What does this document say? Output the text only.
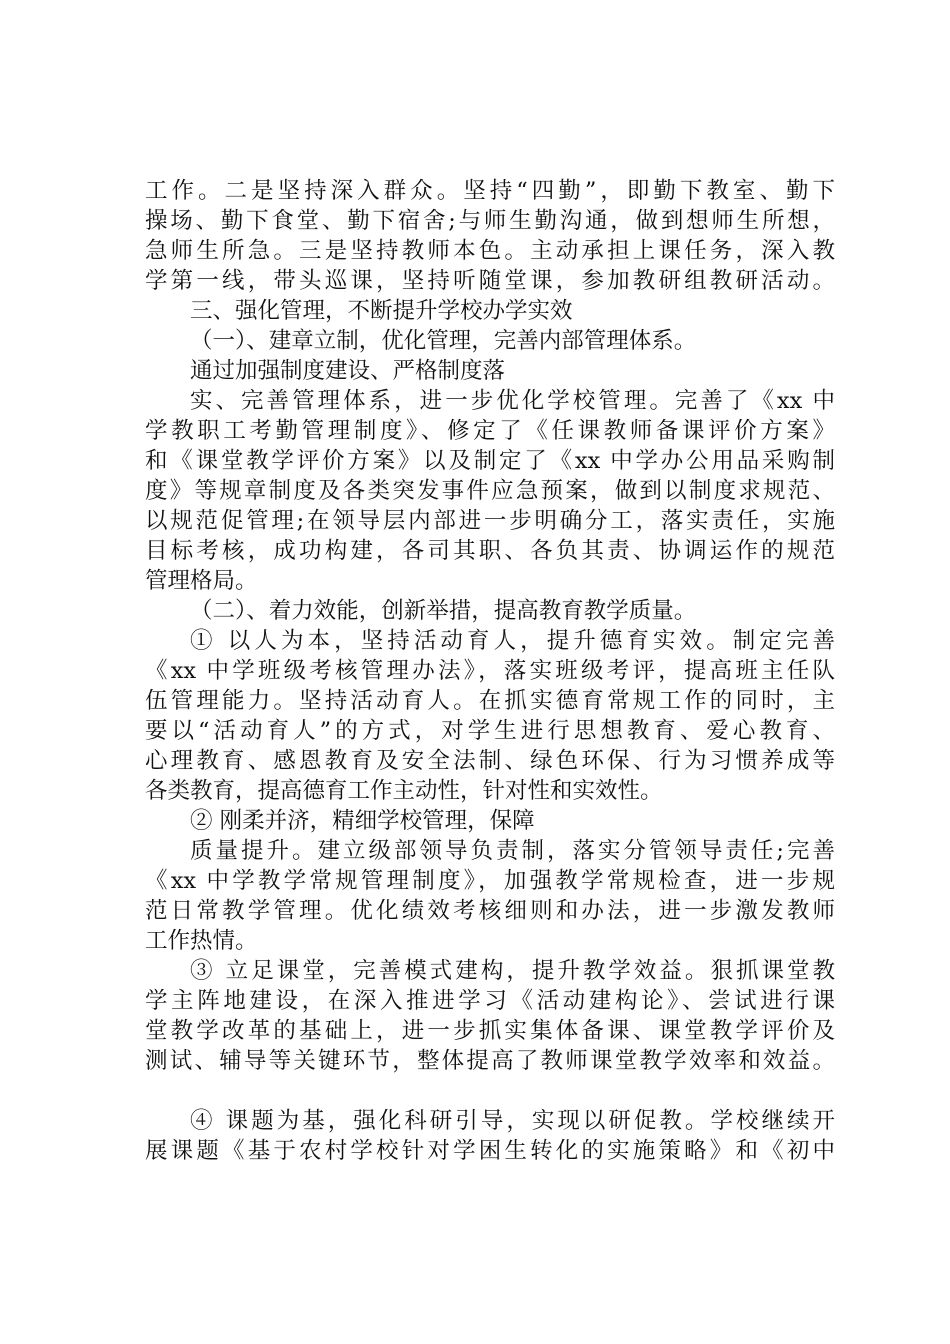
工作。二是坚持深入群众。坚持“四勤”，即勤下教室、勤下
操场、勤下食堂、勤下宿舍;与师生勤沟通，做到想师生所想，
急师生所急。三是坚持教师本色。主动承担上课任务，深入教
学第一线，带头巡课，坚持听随堂课，参加教研组教研活动。
三、强化管理，不断提升学校办学实效
（一）、建章立制，优化管理，完善内部管理体系。
通过加强制度建设、严格制度落
实、完善管理体系，进一步优化学校管理。完善了《xx 中
学教职工考勤管理制度》、修定了《任课教师备课评价方案》
和《课堂教学评价方案》以及制定了《xx 中学办公用品采购制
度》等规章制度及各类突发事件应急预案，做到以制度求规范、
以规范促管理;在领导层内部进一步明确分工，落实责任，实施
目标考核，成功构建，各司其职、各负其责、协调运作的规范
管理格局。
（二）、着力效能，创新举措，提高教育教学质量。
① 以人为本，坚持活动育人，提升德育实效。制定完善
《xx 中学班级考核管理办法》，落实班级考评，提高班主任队
伍管理能力。坚持活动育人。在抓实德育常规工作的同时，主
要以“活动育人”的方式，对学生进行思想教育、爱心教育、
心理教育、感恩教育及安全法制、绿色环保、行为习惯养成等
各类教育，提高德育工作主动性，针对性和实效性。
② 刚柔并济，精细学校管理，保障
质量提升。建立级部领导负责制，落实分管领导责任;完善
《xx 中学教学常规管理制度》，加强教学常规检查，进一步规
范日常教学管理。优化绩效考核细则和办法，进一步激发教师
工作热情。
③ 立足课堂，完善模式建构，提升教学效益。狠抓课堂教
学主阵地建设，在深入推进学习《活动建构论》、尝试进行课
堂教学改革的基础上，进一步抓实集体备课、课堂教学评价及
测试、辅导等关键环节，整体提高了教师课堂教学效率和效益。
④ 课题为基，强化科研引导，实现以研促教。学校继续开
展课题《基于农村学校针对学困生转化的实施策略》和《初中
